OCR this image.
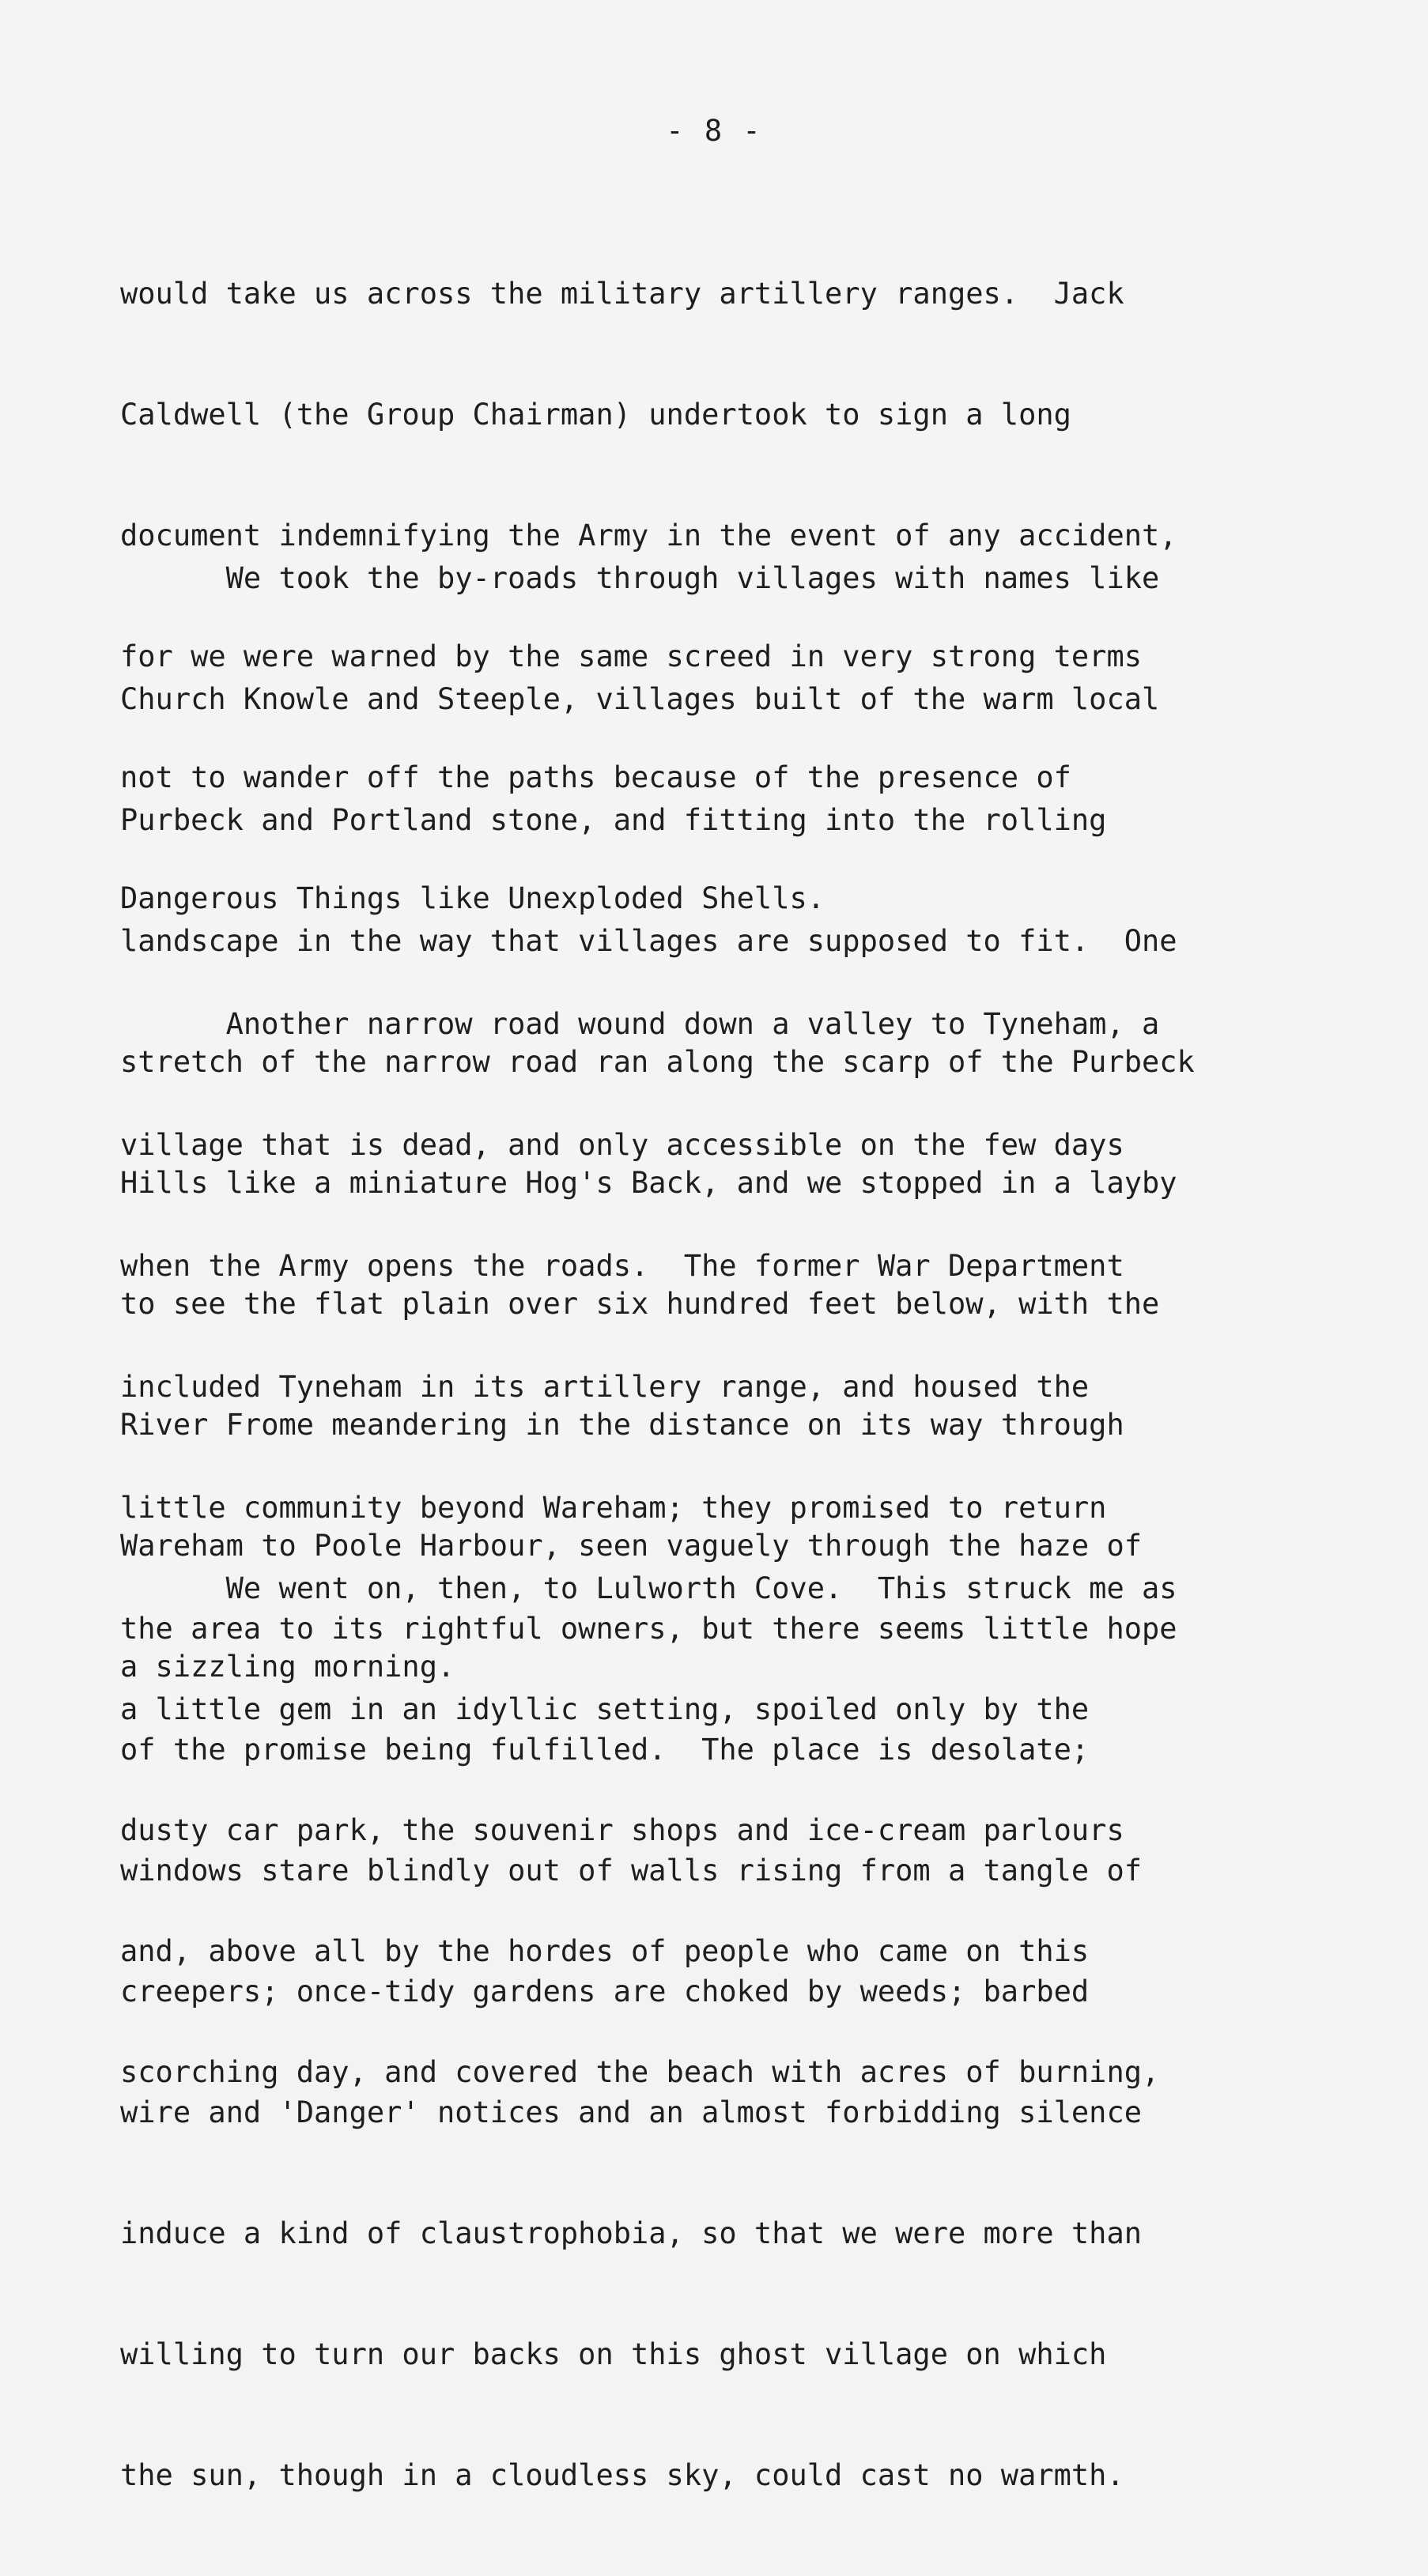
- 8 -

would take us across the military artillery ranges.  Jack

Caldwell (the Group Chairman) undertook to sign a long

document indemnifying the Army in the event of any accident,

for we were warned by the same screed in very strong terms

not to wander off the paths because of the presence of

Dangerous Things like Unexploded Shells.

We took the by-roads through villages with names like

Church Knowle and Steeple, villages built of the warm local

Purbeck and Portland stone, and fitting into the rolling

landscape in the way that villages are supposed to fit.  One

stretch of the narrow road ran along the scarp of the Purbeck

Hills like a miniature Hog's Back, and we stopped in a layby

to see the flat plain over six hundred feet below, with the

River Frome meandering in the distance on its way through

Wareham to Poole Harbour, seen vaguely through the haze of

a sizzling morning.

Another narrow road wound down a valley to Tyneham, a

village that is dead, and only accessible on the few days

when the Army opens the roads.  The former War Department

included Tyneham in its artillery range, and housed the

little community beyond Wareham; they promised to return

the area to its rightful owners, but there seems little hope

of the promise being fulfilled.  The place is desolate;

windows stare blindly out of walls rising from a tangle of

creepers; once-tidy gardens are choked by weeds; barbed

wire and 'Danger' notices and an almost forbidding silence

induce a kind of claustrophobia, so that we were more than

willing to turn our backs on this ghost village on which

the sun, though in a cloudless sky, could cast no warmth.

We went on, then, to Lulworth Cove.  This struck me as

a little gem in an idyllic setting, spoiled only by the

dusty car park, the souvenir shops and ice-cream parlours

and, above all by the hordes of people who came on this

scorching day, and covered the beach with acres of burning,
